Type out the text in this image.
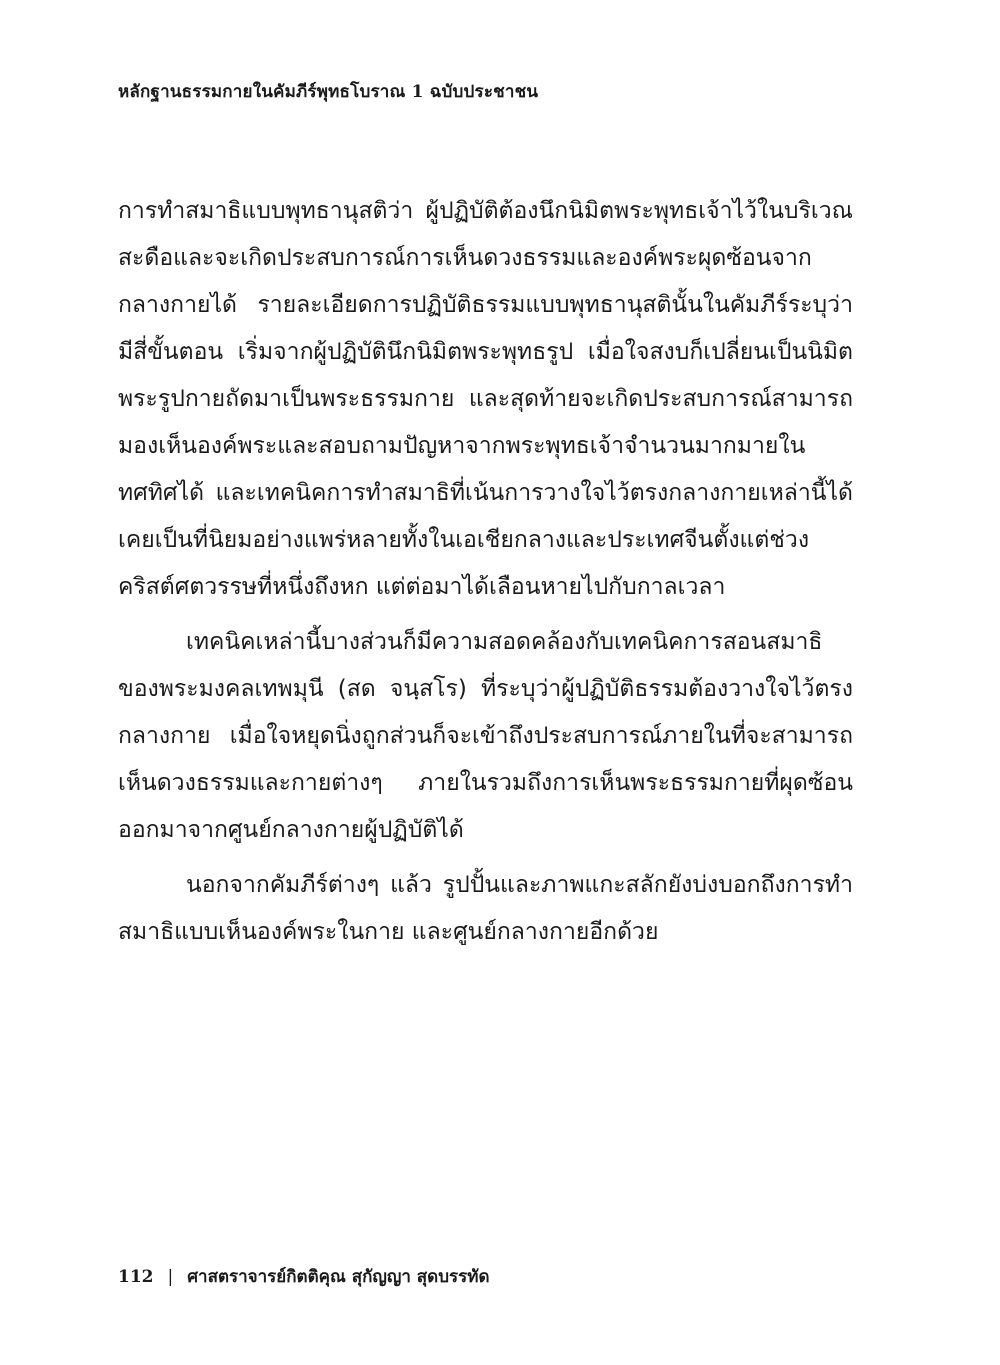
หลักฐานธรรมกายในคัมภีร์พุทธโบราณ 1 ฉบับประชาชน

การทำสมาธิแบบพุทธานุสติว่า ผู้ปฏิบัติต้องนึกนิมิตพระพุทธเจ้าไว้ในบริเวณสะดือและจะเกิดประสบการณ์การเห็นดวงธรรมและองค์พระผุดซ้อนจากกลางกายได้ รายละเอียดการปฏิบัติธรรมแบบพุทธานุสตินั้นในคัมภีร์ระบุว่ามีสี่ขั้นตอน เริ่มจากผู้ปฏิบัตินึกนิมิตพระพุทธรูป เมื่อใจสงบก็เปลี่ยนเป็นนิมิตพระรูปกายถัดมาเป็นพระธรรมกาย และสุดท้ายจะเกิดประสบการณ์สามารถมองเห็นองค์พระและสอบถามปัญหาจากพระพุทธเจ้าจำนวนมากมายในทศทิศได้ และเทคนิคการทำสมาธิที่เน้นการวางใจไว้ตรงกลางกายเหล่านี้ได้เคยเป็นที่นิยมอย่างแพร่หลายทั้งในเอเชียกลางและประเทศจีนตั้งแต่ช่วงคริสต์ศตวรรษที่หนึ่งถึงหก แต่ต่อมาได้เลือนหายไปกับกาลเวลา

เทคนิคเหล่านี้บางส่วนก็มีความสอดคล้องกับเทคนิคการสอนสมาธิของพระมงคลเทพมุนี (สด จนฺสโร) ที่ระบุว่าผู้ปฏิบัติธรรมต้องวางใจไว้ตรงกลางกาย เมื่อใจหยุดนิ่งถูกส่วนก็จะเข้าถึงประสบการณ์ภายในที่จะสามารถเห็นดวงธรรมและกายต่างๆ ภายในรวมถึงการเห็นพระธรรมกายที่ผุดซ้อนออกมาจากศูนย์กลางกายผู้ปฏิบัติได้

นอกจากคัมภีร์ต่างๆ แล้ว รูปปั้นและภาพแกะสลักยังบ่งบอกถึงการทำสมาธิแบบเห็นองค์พระในกาย และศูนย์กลางกายอีกด้วย

112 | ศาสตราจารย์กิตติคุณ สุกัญญา สุดบรรทัด
